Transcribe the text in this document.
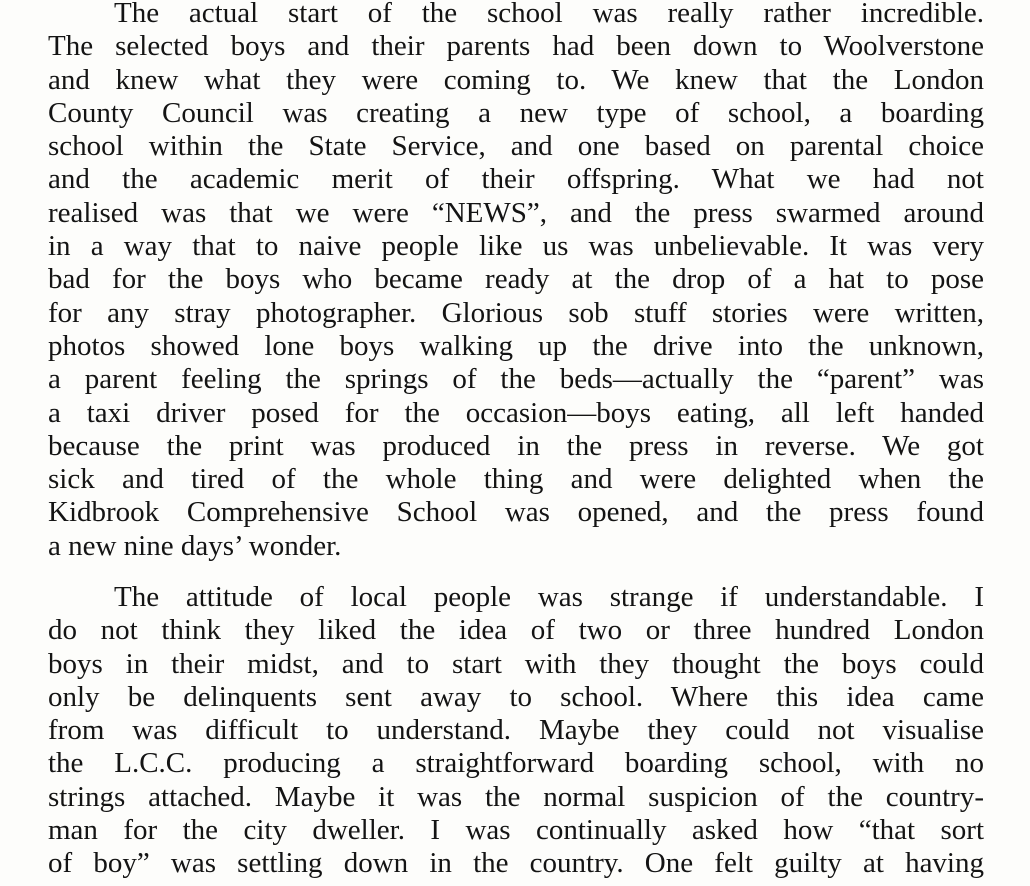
The actual start of the school was really rather incredible.
The selected boys and their parents had been down to Woolverstone
and knew what they were coming to. We knew that the London
County Council was creating a new type of school, a boarding
school within the State Service, and one based on parental choice
and the academic merit of their offspring. What we had not
realised was that we were “NEWS”, and the press swarmed around
in a way that to naive people like us was unbelievable. It was very
bad for the boys who became ready at the drop of a hat to pose
for any stray photographer. Glorious sob stuff stories were written,
photos showed lone boys walking up the drive into the unknown,
a parent feeling the springs of the beds—actually the “parent” was
a taxi driver posed for the occasion—boys eating, all left handed
because the print was produced in the press in reverse. We got
sick and tired of the whole thing and were delighted when the
Kidbrook Comprehensive School was opened, and the press found
a new nine days’ wonder.
The attitude of local people was strange if understandable. I
do not think they liked the idea of two or three hundred London
boys in their midst, and to start with they thought the boys could
only be delinquents sent away to school. Where this idea came
from was difficult to understand. Maybe they could not visualise
the L.C.C. producing a straightforward boarding school, with no
strings attached. Maybe it was the normal suspicion of the country-
man for the city dweller. I was continually asked how “that sort
of boy” was settling down in the country. One felt guilty at having
